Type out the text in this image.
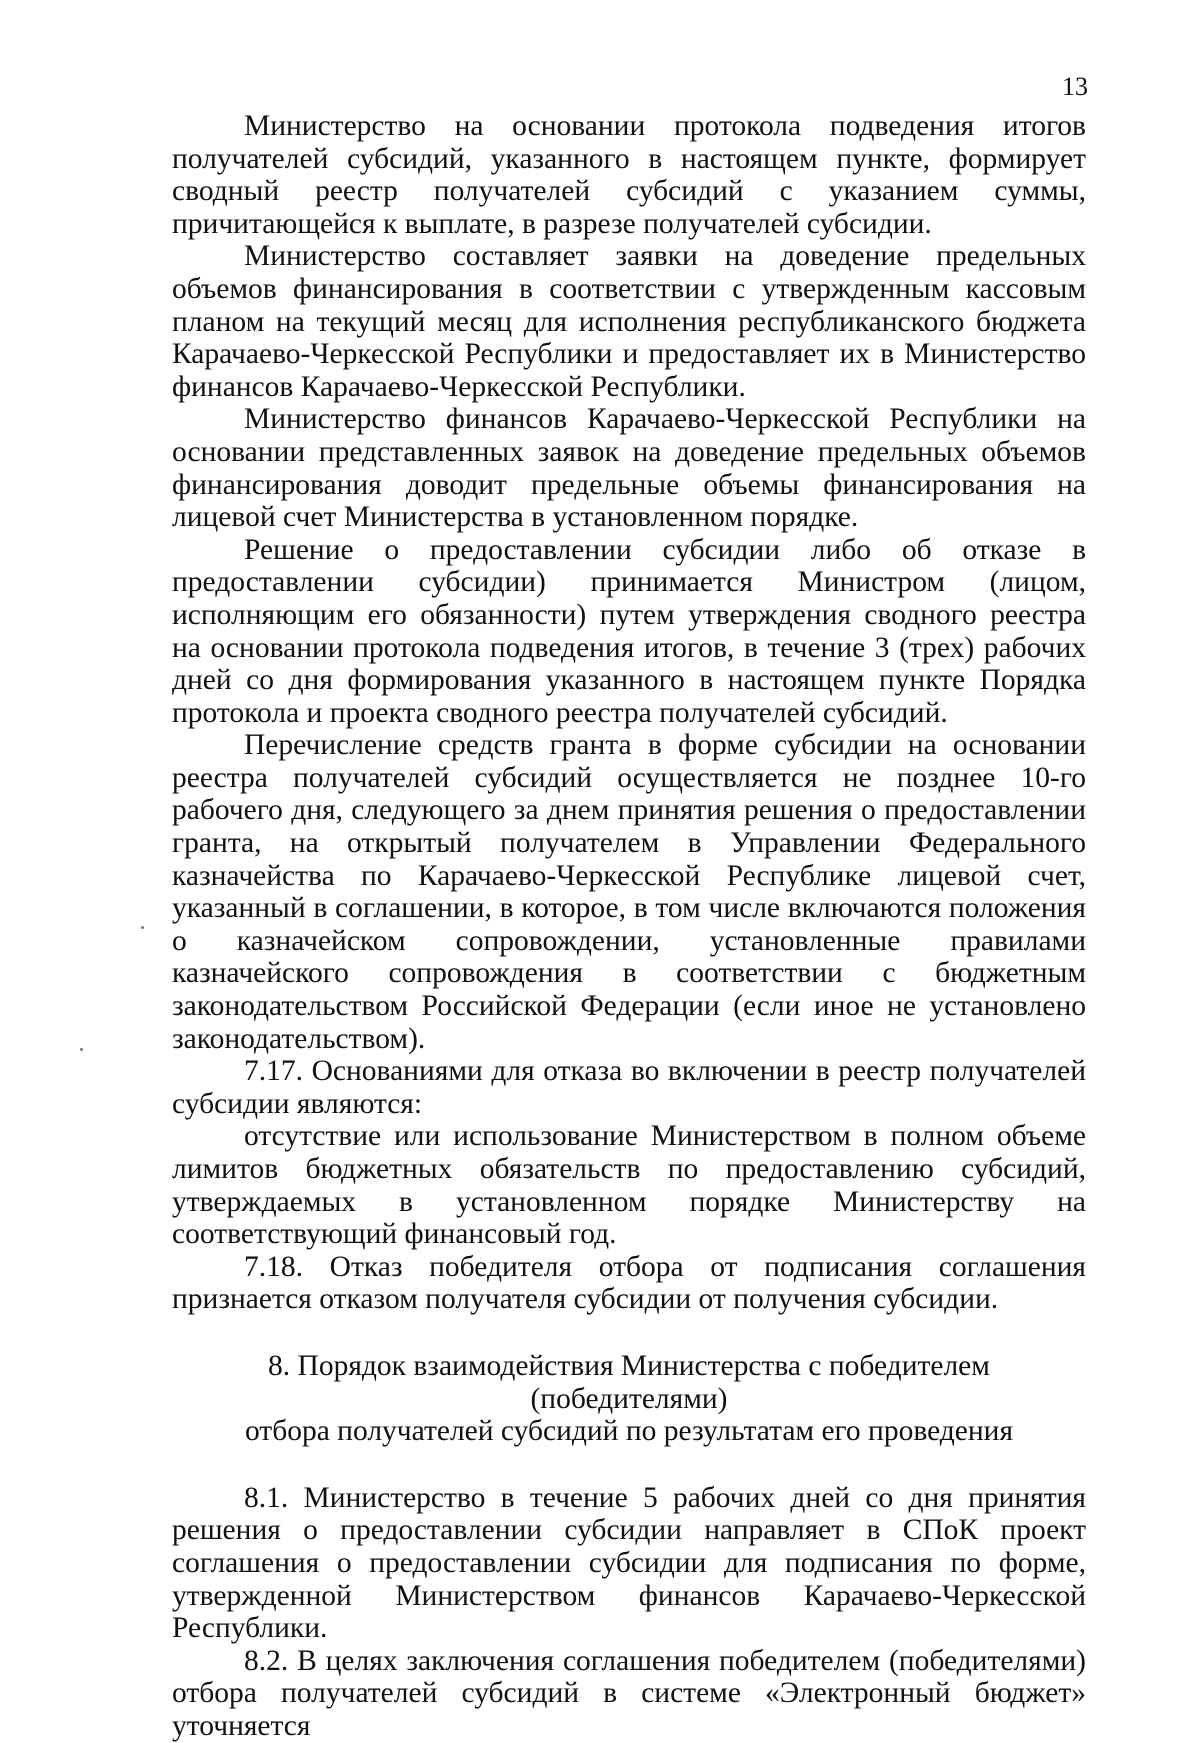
13

Министерство на основании протокола подведения итогов получателей субсидий, указанного в настоящем пункте, формирует сводный реестр получателей субсидий с указанием суммы, причитающейся к выплате, в разрезе получателей субсидии.

Министерство составляет заявки на доведение предельных объемов финансирования в соответствии с утвержденным кассовым планом на текущий месяц для исполнения республиканского бюджета Карачаево-Черкесской Республики и предоставляет их в Министерство финансов Карачаево-Черкесской Республики.

Министерство финансов Карачаево-Черкесской Республики на основании представленных заявок на доведение предельных объемов финансирования доводит предельные объемы финансирования на лицевой счет Министерства в установленном порядке.

Решение о предоставлении субсидии либо об отказе в предоставлении субсидии) принимается Министром (лицом, исполняющим его обязанности) путем утверждения сводного реестра на основании протокола подведения итогов, в течение 3 (трех) рабочих дней со дня формирования указанного в настоящем пункте Порядка протокола и проекта сводного реестра получателей субсидий.

Перечисление средств гранта в форме субсидии на основании реестра получателей субсидий осуществляется не позднее 10-го рабочего дня, следующего за днем принятия решения о предоставлении гранта, на открытый получателем в Управлении Федерального казначейства по Карачаево-Черкесской Республике лицевой счет, указанный в соглашении, в которое, в том числе включаются положения о казначейском сопровождении, установленные правилами казначейского сопровождения в соответствии с бюджетным законодательством Российской Федерации (если иное не установлено законодательством).

7.17. Основаниями для отказа во включении в реестр получателей субсидии являются:

отсутствие или использование Министерством в полном объеме лимитов бюджетных обязательств по предоставлению субсидий, утверждаемых в установленном порядке Министерству на соответствующий финансовый год.

7.18. Отказ победителя отбора от подписания соглашения признается отказом получателя субсидии от получения субсидии.

8. Порядок взаимодействия Министерства с победителем (победителями)
отбора получателей субсидий по результатам его проведения

8.1. Министерство в течение 5 рабочих дней со дня принятия решения о предоставлении субсидии направляет в СПоК проект соглашения о предоставлении субсидии для подписания по форме, утвержденной Министерством финансов Карачаево-Черкесской Республики.

8.2. В целях заключения соглашения победителем (победителями) отбора получателей субсидий в системе «Электронный бюджет» уточняется
